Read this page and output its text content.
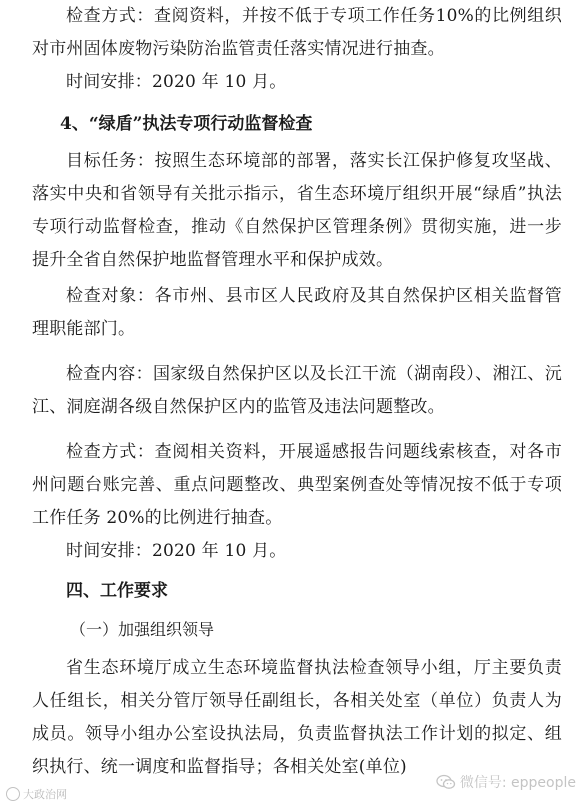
检查方式：查阅资料，并按不低于专项工作任务10%的比例组织对市州固体废物污染防治监管责任落实情况进行抽查。

时间安排：2020 年 10 月。

4、“绿盾”执法专项行动监督检查

目标任务：按照生态环境部的部署，落实长江保护修复攻坚战、落实中央和省领导有关批示指示，省生态环境厅组织开展“绿盾”执法专项行动监督检查，推动《自然保护区管理条例》贯彻实施，进一步提升全省自然保护地监督管理水平和保护成效。

检查对象：各市州、县市区人民政府及其自然保护区相关监督管理职能部门。

检查内容：国家级自然保护区以及长江干流（湖南段）、湘江、沅江、洞庭湖各级自然保护区内的监管及违法问题整改。

检查方式：查阅相关资料，开展遥感报告问题线索核查，对各市州问题台账完善、重点问题整改、典型案例查处等情况按不低于专项工作任务 20%的比例进行抽查。

时间安排：2020 年 10 月。

四、工作要求

（一）加强组织领导

省生态环境厅成立生态环境监督执法检查领导小组，厅主要负责人任组长，相关分管厅领导任副组长，各相关处室（单位）负责人为成员。领导小组办公室设执法局，负责监督执法工作计划的拟定、组织执行、统一调度和监督指导；各相关处室(单位)

大政治网
微信号: eppeople
